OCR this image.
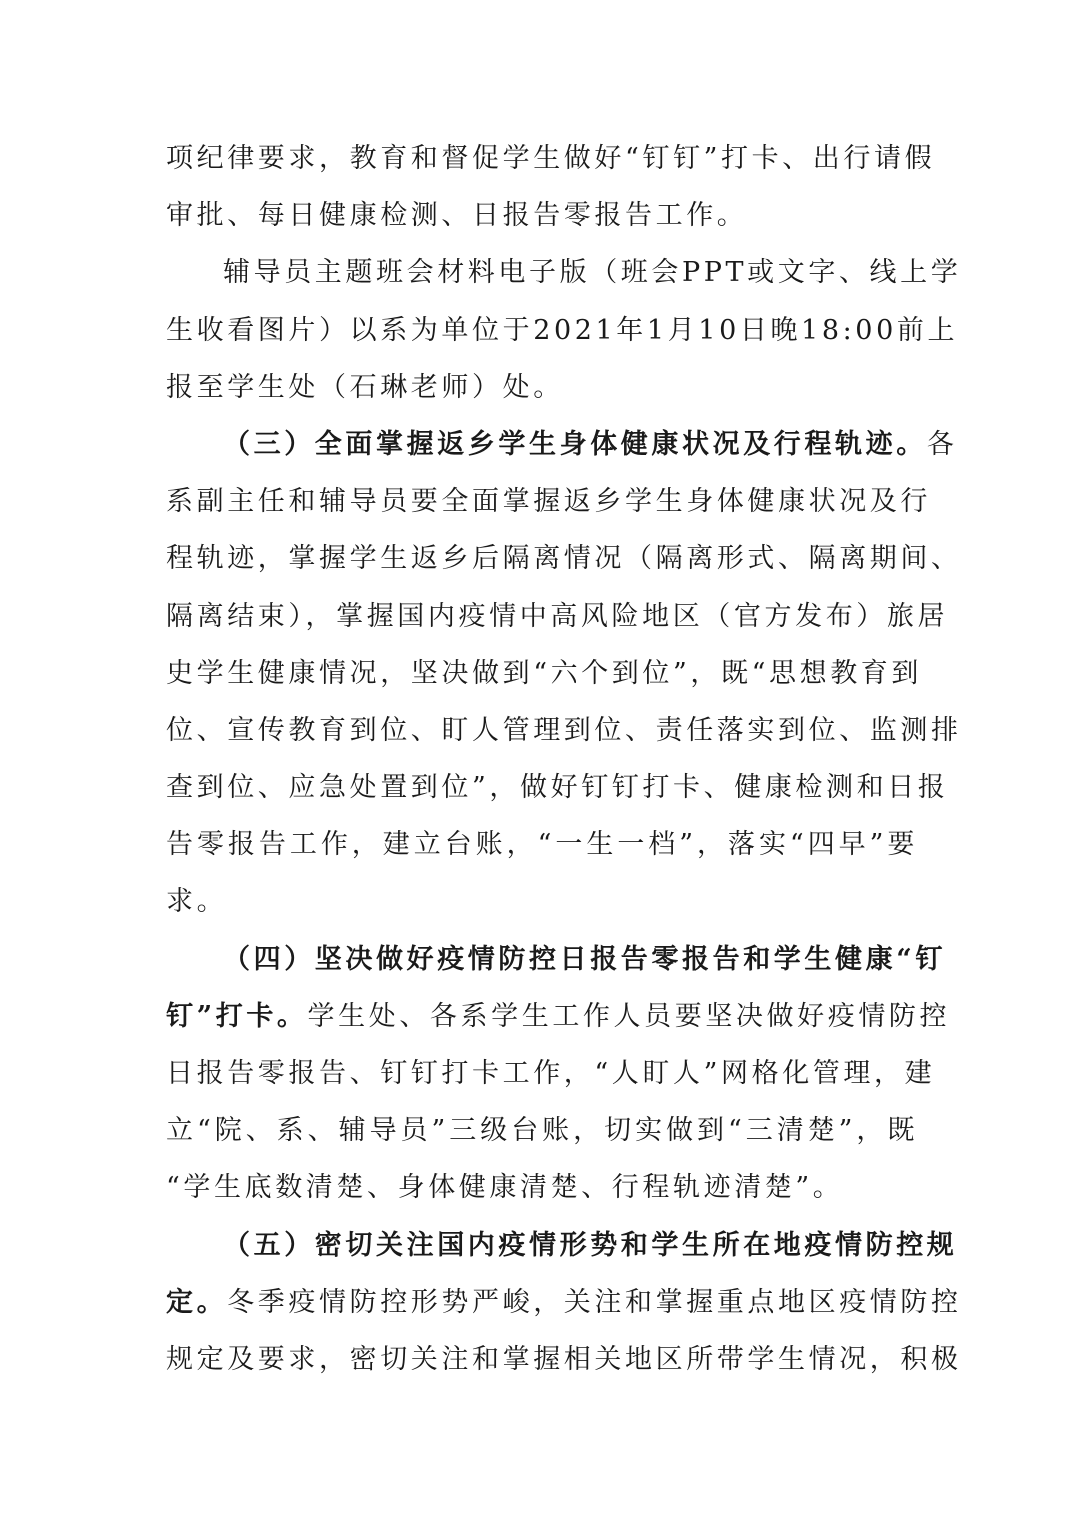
项纪律要求，教育和督促学生做好“钉钉”打卡、出行请假
审批、每日健康检测、日报告零报告工作。
辅导员主题班会材料电子版（班会PPT或文字、线上学
生收看图片）以系为单位于2021年1月10日晚18:00前上
报至学生处（石琳老师）处。
（三）全面掌握返乡学生身体健康状况及行程轨迹。各
系副主任和辅导员要全面掌握返乡学生身体健康状况及行
程轨迹，掌握学生返乡后隔离情况（隔离形式、隔离期间、
隔离结束），掌握国内疫情中高风险地区（官方发布）旅居
史学生健康情况，坚决做到“六个到位”，既“思想教育到
位、宣传教育到位、盯人管理到位、责任落实到位、监测排
查到位、应急处置到位”，做好钉钉打卡、健康检测和日报
告零报告工作，建立台账，“一生一档”，落实“四早”要
求。
（四）坚决做好疫情防控日报告零报告和学生健康“钉
钉”打卡。学生处、各系学生工作人员要坚决做好疫情防控
日报告零报告、钉钉打卡工作，“人盯人”网格化管理，建
立“院、系、辅导员”三级台账，切实做到“三清楚”，既
“学生底数清楚、身体健康清楚、行程轨迹清楚”。
（五）密切关注国内疫情形势和学生所在地疫情防控规
定。冬季疫情防控形势严峻，关注和掌握重点地区疫情防控
规定及要求，密切关注和掌握相关地区所带学生情况，积极
